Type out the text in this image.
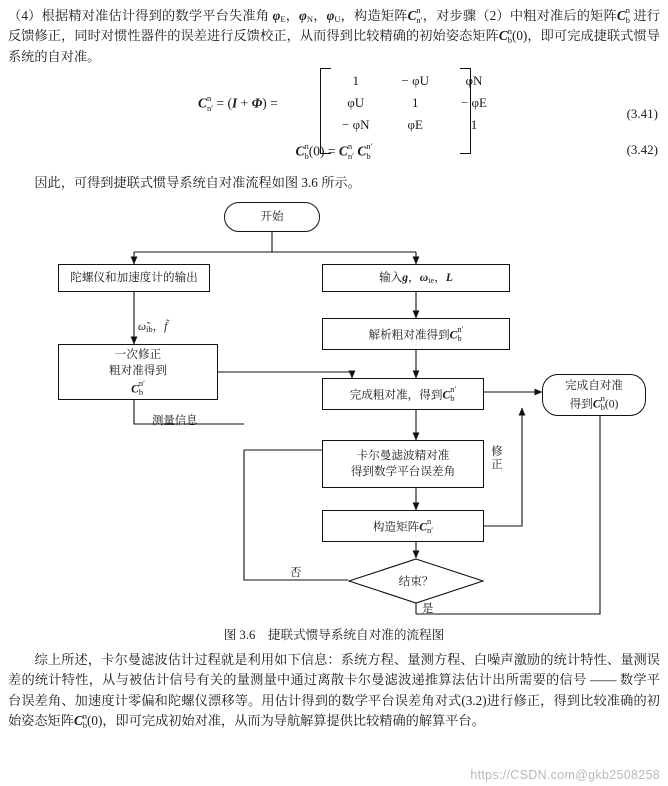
（4）根据精对准估计得到的数学平台失准角 $\varphi_E$，$\varphi_N$，$\varphi_U$，构造矩阵C n
n′ ，对步骤（2）中粗对准后的矩阵C n
b 进行反馈修正，同时对惯性器件的误差进行反馈校正，从而得到比较精确的初始姿态矩阵C n
b (0)，即可完成捷联式惯导系统的自对准。

C n
n′ = (I + Φ) =
1	− φU	φN
φU	1	− φE
− φN	φE	1
(3.41)
C n
b (0) = C n
n′ C n′
b	(3.42)
　　因此，可得到捷联式惯导系统自对准流程如图 3.6 所示。
开始
陀螺仪和加速度计的输出	输入g，$\omega_{ie}$，L
$\omegã_{ib}$，f̃
一次修正
粗对准得到
C n′
b
解析粗对准得到C n′
b
完成粗对准，得到C n′
b
完成自对准
得到C n
b (0)
测量信息
卡尔曼滤波精对准
得到数学平台误差角
构造矩阵C n
n′
修
正
结束？
否
是
图 3.6　捷联式惯导系统自对准的流程图
　　综上所述，卡尔曼滤波估计过程就是利用如下信息：系统方程、量测方程、白噪声激励的统计特性、量测误差的统计特性，从与被估计信号有关的量测量中通过离散卡尔曼滤波递推算法估计出所需要的信号 —— 数学平台误差角、加速度计零偏和陀螺仪漂移等。用估计得到的数学平台误差角对式(3.2)进行修正，得到比较准确的初始姿态矩阵C n
b (0)，即可完成初始对准，从而为导航解算提供比较精确的解算平台。
https://CSDN.com@gkb2508258
